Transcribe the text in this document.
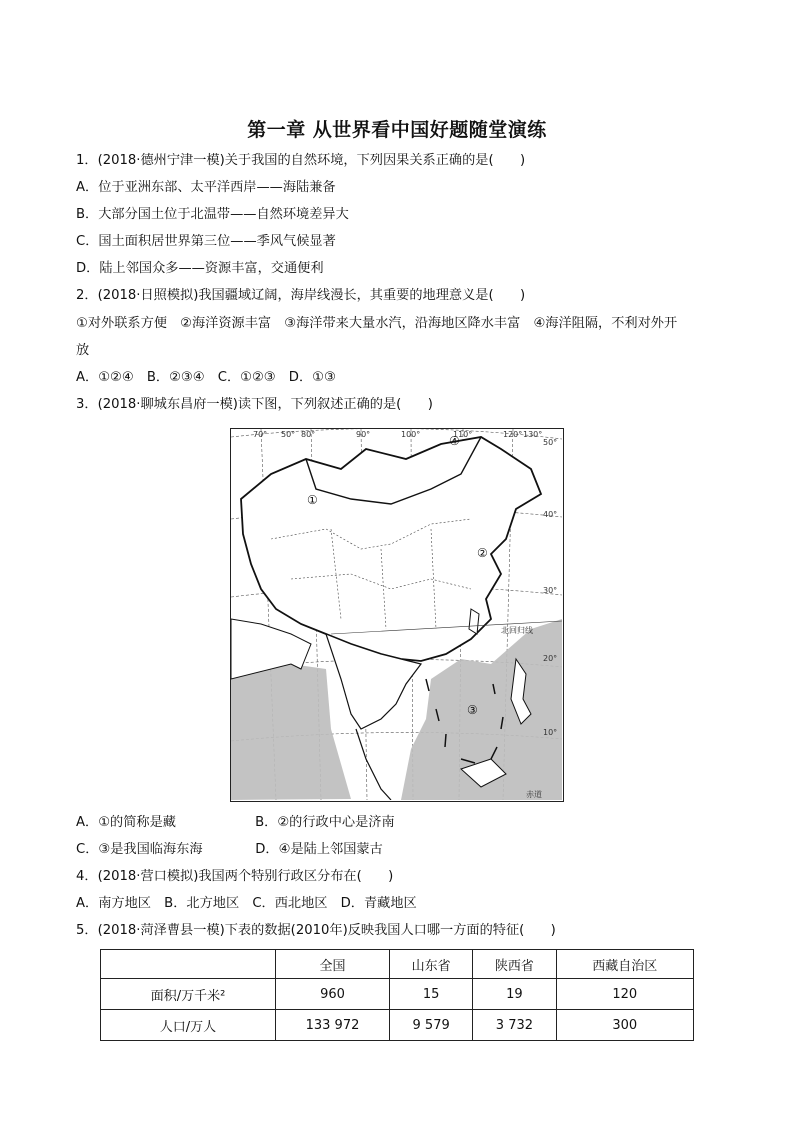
第一章 从世界看中国好题随堂演练
1．(2018·德州宁津一模)关于我国的自然环境，下列因果关系正确的是(　　)
A．位于亚洲东部、太平洋西岸——海陆兼备
B．大部分国土位于北温带——自然环境差异大
C．国土面积居世界第三位——季风气候显著
D．陆上邻国众多——资源丰富，交通便利
2．(2018·日照模拟)我国疆域辽阔，海岸线漫长，其重要的地理意义是(　　)
①对外联系方便　②海洋资源丰富　③海洋带来大量水汽，沿海地区降水丰富　④海洋阻隔，不利对外开
放
A．①②④　B．②③④　C．①②③　D．①③
3．(2018·聊城东昌府一模)读下图，下列叙述正确的是(　　)
70°	80°
50°	90°	100°	110°	120° 130°
50°
40°
30°
20°
10°
北回归线
赤道
①
②
③
④
A．①的简称是藏　　　　　　B．②的行政中心是济南
C．③是我国临海东海　　　　D．④是陆上邻国蒙古
4．(2018·营口模拟)我国两个特别行政区分布在(　　)
A．南方地区　B．北方地区　C．西北地区　D．青藏地区
5．(2018·菏泽曹县一模)下表的数据(2010年)反映我国人口哪一方面的特征(　　)
	全国	山东省	陕西省	西藏自治区
面积/万千米²	960	15	19	120
人口/万人	133 972	9 579	3 732	300
